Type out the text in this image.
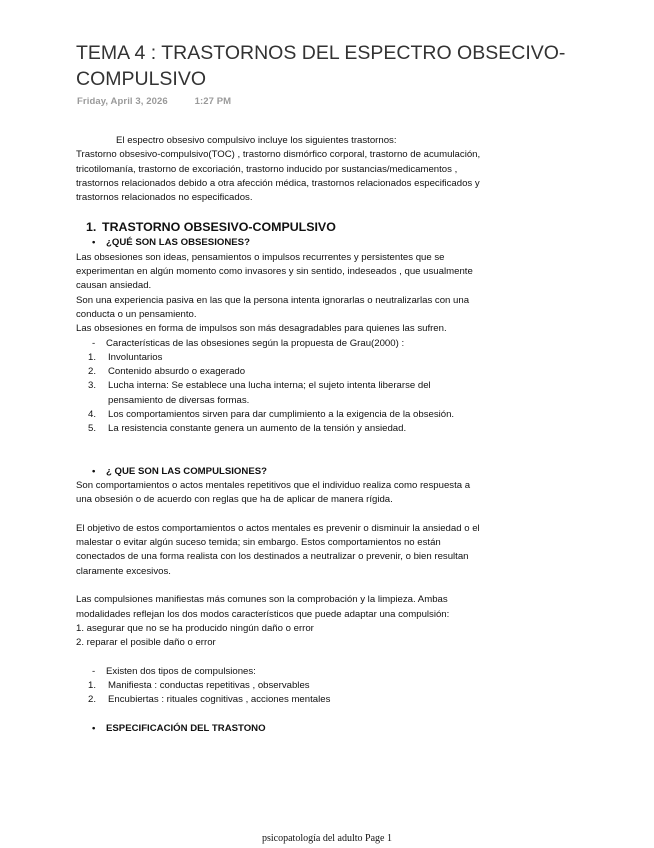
TEMA 4 : TRASTORNOS DEL ESPECTRO OBSECIVO-COMPULSIVO
Friday, April 3, 2026	1:27 PM

El espectro obsesivo compulsivo incluye los siguientes trastornos:

Trastorno obsesivo-compulsivo(TOC) , trastorno dismórfico corporal, trastorno de acumulación, tricotilomanía, trastorno de excoriación, trastorno inducido por sustancias/medicamentos , trastornos relacionados debido a otra afección médica, trastornos relacionados especificados y trastornos relacionados no especificados.

1. TRASTORNO OBSESIVO-COMPULSIVO
•	¿QUÉ SON LAS OBSESIONES?

Las obsesiones son ideas, pensamientos o impulsos recurrentes y persistentes que se experimentan en algún momento como invasores y sin sentido, indeseados , que usualmente causan ansiedad.

Son una experiencia pasiva en las que la persona intenta ignorarlas o neutralizarlas con una conducta o un pensamiento.

Las obsesiones en forma de impulsos son más desagradables para quienes las sufren.

-	Características de las obsesiones según la propuesta de Grau(2000) :
1.	Involuntarios
2.	Contenido absurdo o exagerado
3.	Lucha interna: Se establece una lucha interna; el sujeto intenta liberarse del pensamiento de diversas formas.
4.	Los comportamientos sirven para dar cumplimiento a la exigencia de la obsesión.
5.	La resistencia constante genera un aumento de la tensión y ansiedad.
•	¿ QUE SON LAS COMPULSIONES?

Son comportamientos o actos mentales repetitivos que el individuo realiza como respuesta a una obsesión o de acuerdo con reglas que ha de aplicar de manera rígida.

El objetivo de estos comportamientos o actos mentales es prevenir o disminuir la ansiedad o el malestar o evitar algún suceso temida; sin embargo. Estos comportamientos no están conectados de una forma realista con los destinados a neutralizar o prevenir, o bien resultan claramente excesivos.

Las compulsiones manifiestas más comunes son la comprobación y la limpieza. Ambas modalidades reflejan los dos modos característicos que puede adaptar una compulsión:

1. asegurar que no se ha producido ningún daño o error

2. reparar el posible daño o error

-	Existen dos tipos de compulsiones:
1.	Manifiesta : conductas repetitivas , observables
2.	Encubiertas : rituales cognitivas , acciones mentales
•	ESPECIFICACIÓN DEL TRASTONO
psicopatología del adulto Page 1
